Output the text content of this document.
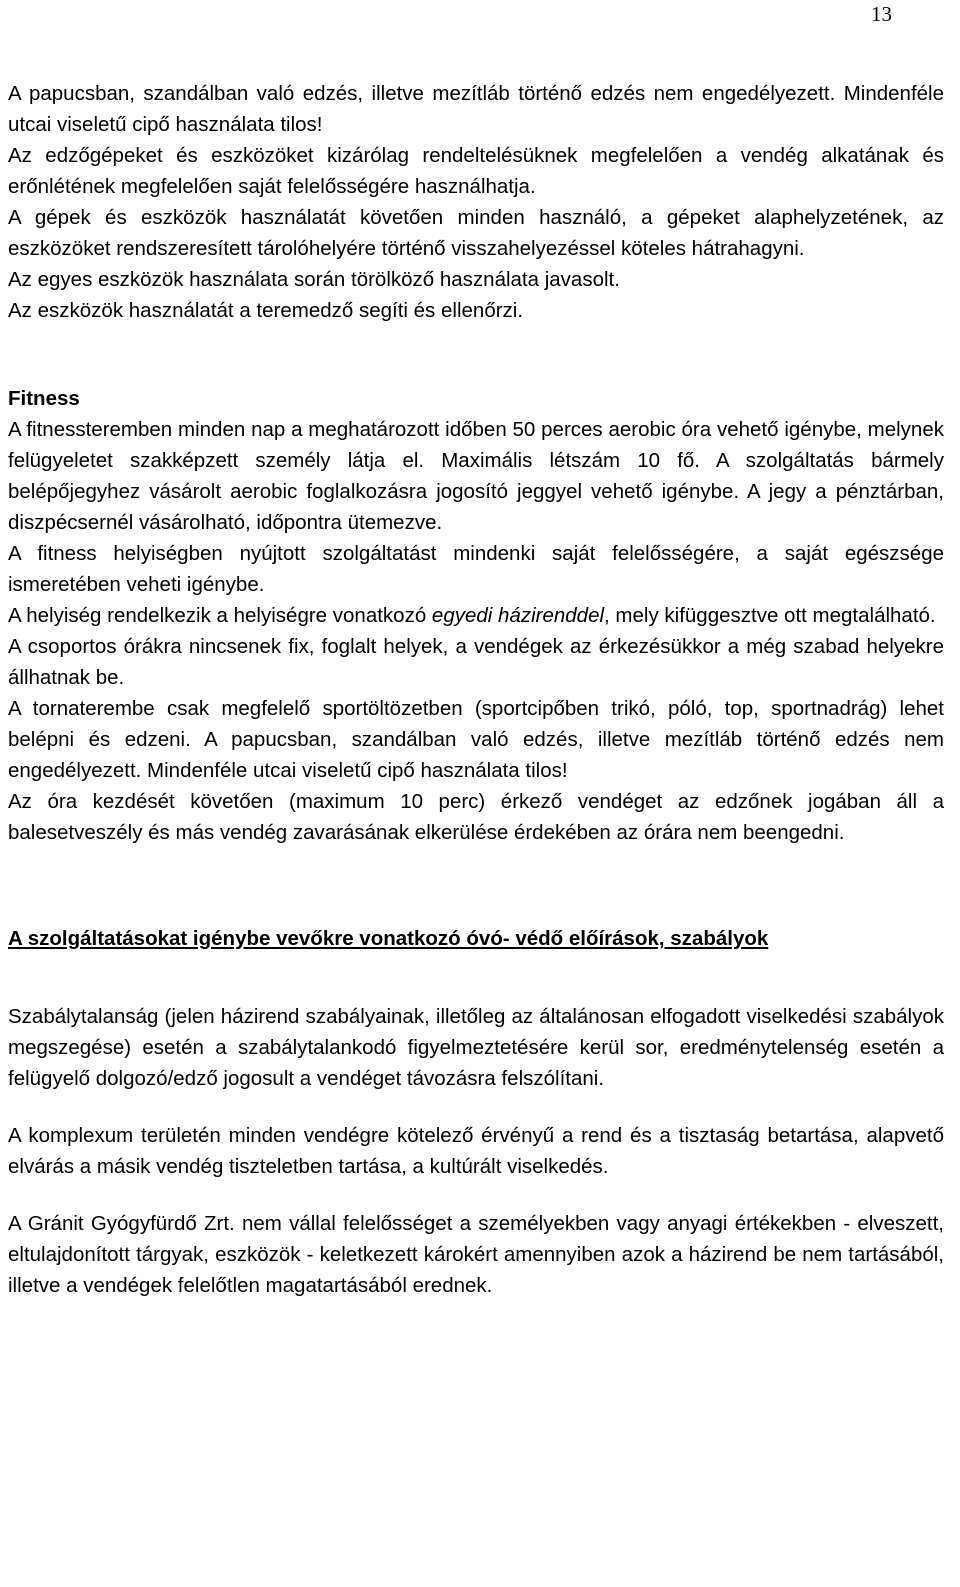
13

A papucsban, szandálban való edzés, illetve mezítláb történő edzés nem engedélyezett. Mindenféle utcai viseletű cipő használata tilos!

Az edzőgépeket és eszközöket kizárólag rendeltelésüknek megfelelően a vendég alkatának és erőnlétének megfelelően saját felelősségére használhatja.

A gépek és eszközök használatát követően minden használó, a gépeket alaphelyzetének, az eszközöket rendszeresített tárolóhelyére történő visszahelyezéssel köteles hátrahagyni.

Az egyes eszközök használata során törölköző használata javasolt.

Az eszközök használatát a teremedző segíti és ellenőrzi.

Fitness

A fitnessteremben minden nap a meghatározott időben 50 perces aerobic óra vehető igénybe, melynek felügyeletet szakképzett személy látja el. Maximális létszám 10 fő. A szolgáltatás bármely belépőjegyhez vásárolt aerobic foglalkozásra jogosító jeggyel vehető igénybe. A jegy a pénztárban, diszpécsernél vásárolható, időpontra ütemezve.

A fitness helyiségben nyújtott szolgáltatást mindenki saját felelősségére, a saját egészsége ismeretében veheti igénybe.

A helyiség rendelkezik a helyiségre vonatkozó egyedi házirenddel, mely kifüggesztve ott megtalálható.

A csoportos órákra nincsenek fix, foglalt helyek, a vendégek az érkezésükkor a még szabad helyekre állhatnak be.

A tornaterembe csak megfelelő sportöltözetben (sportcipőben trikó, póló, top, sportnadrág) lehet belépni és edzeni. A papucsban, szandálban való edzés, illetve mezítláb történő edzés nem engedélyezett. Mindenféle utcai viseletű cipő használata tilos!

Az óra kezdését követően (maximum 10 perc) érkező vendéget az edzőnek jogában áll a balesetveszély és más vendég zavarásának elkerülése érdekében az órára nem beengedni.

A szolgáltatásokat igénybe vevőkre vonatkozó óvó- védő előírások, szabályok

Szabálytalanság (jelen házirend szabályainak, illetőleg az általánosan elfogadott viselkedési szabályok megszegése) esetén a szabálytalankodó figyelmeztetésére kerül sor, eredménytelenség esetén a felügyelő dolgozó/edző jogosult a vendéget távozásra felszólítani.

A komplexum területén minden vendégre kötelező érvényű a rend és a tisztaság betartása, alapvető elvárás a másik vendég tiszteletben tartása, a kultúrált viselkedés.

A Gránit Gyógyfürdő Zrt. nem vállal felelősséget a személyekben vagy anyagi értékekben - elveszett, eltulajdonított tárgyak, eszközök - keletkezett károkért amennyiben azok a házirend be nem tartásából, illetve a vendégek felelőtlen magatartásából erednek.
